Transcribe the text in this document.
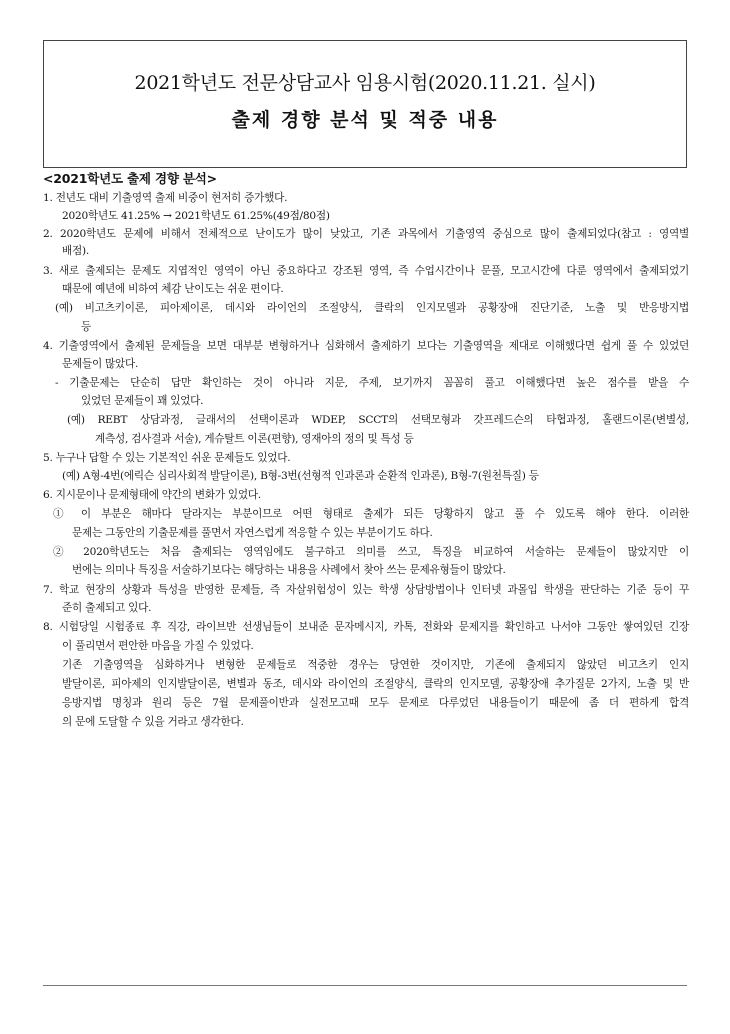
2021학년도 전문상담교사 임용시험(2020.11.21. 실시)
출제 경향 분석 및 적중 내용
<2021학년도 출제 경향 분석>
1. 전년도 대비 기출영역 출제 비중이 현저히 증가했다.
2020학년도 41.25% → 2021학년도 61.25%(49점/80점)
2. 2020학년도 문제에 비해서 전체적으로 난이도가 많이 낮았고, 기존 과목에서 기출영역 중심으로 많이 출제되었다(참고 : 영역별
배점).
3. 새로 출제되는 문제도 지엽적인 영역이 아닌 중요하다고 강조된 영역, 즉 수업시간이나 문풀, 모고시간에 다룬 영역에서 출제되었기
때문에 예년에 비하여 체감 난이도는 쉬운 편이다.
(예) 비고츠키이론, 피아제이론, 데시와 라이언의 조절양식, 클락의 인지모델과 공황장애 진단기준, 노출 및 반응방지법
등
4. 기출영역에서 출제된 문제들을 보면 대부분 변형하거나 심화해서 출제하기 보다는 기출영역을 제대로 이해했다면 쉽게 풀 수 있었던
문제들이 많았다.
- 기출문제는 단순히 답만 확인하는 것이 아니라 지문, 주제, 보기까지 꼼꼼히 풀고 이해했다면 높은 점수를 받을 수
있었던 문제들이 꽤 있었다.
(예) REBT 상담과정, 글래서의 선택이론과 WDEP, SCCT의 선택모형과 갓프레드슨의 타협과정, 홀랜드이론(변별성,
계측성, 검사결과 서술), 게슈탈트 이론(편향), 영재아의 정의 및 특성 등
5. 누구나 답할 수 있는 기본적인 쉬운 문제들도 있었다.
(예) A형-4번(에릭슨 심리사회적 발달이론), B형-3번(선형적 인과론과 순환적 인과론), B형-7(원천특질) 등
6. 지시문이나 문제형태에 약간의 변화가 있었다.
① 이 부분은 해마다 달라지는 부분이므로 어떤 형태로 출제가 되든 당황하지 않고 풀 수 있도록 해야 한다. 이러한
문제는 그동안의 기출문제를 풀면서 자연스럽게 적응할 수 있는 부분이기도 하다.
② 2020학년도는 처음 출제되는 영역임에도 불구하고 의미를 쓰고, 특징을 비교하여 서술하는 문제들이 많았지만 이
번에는 의미나 특징을 서술하기보다는 해당하는 내용을 사례에서 찾아 쓰는 문제유형들이 많았다.
7. 학교 현장의 상황과 특성을 반영한 문제들, 즉 자살위험성이 있는 학생 상담방법이나 인터넷 과몰입 학생을 판단하는 기준 등이 꾸
준히 출제되고 있다.
8. 시험당일 시험종료 후 직강, 라이브반 선생님들이 보내준 문자메시지, 카톡, 전화와 문제지를 확인하고 나서야 그동안 쌓여있던 긴장
이 풀리면서 편안한 마음을 가질 수 있었다.
기존 기출영역을 심화하거나 변형한 문제들로 적중한 경우는 당연한 것이지만, 기존에 출제되지 않았던 비고츠키 인지
발달이론, 피아제의 인지발달이론, 변별과 동조, 데시와 라이언의 조절양식, 클락의 인지모델, 공황장애 추가질문 2가지, 노출 및 반
응방지법 명칭과 원리 등은 7월 문제풀이반과 실전모고때 모두 문제로 다루었던 내용들이기 때문에 좀 더 편하게 합격
의 문에 도달할 수 있을 거라고 생각한다.
